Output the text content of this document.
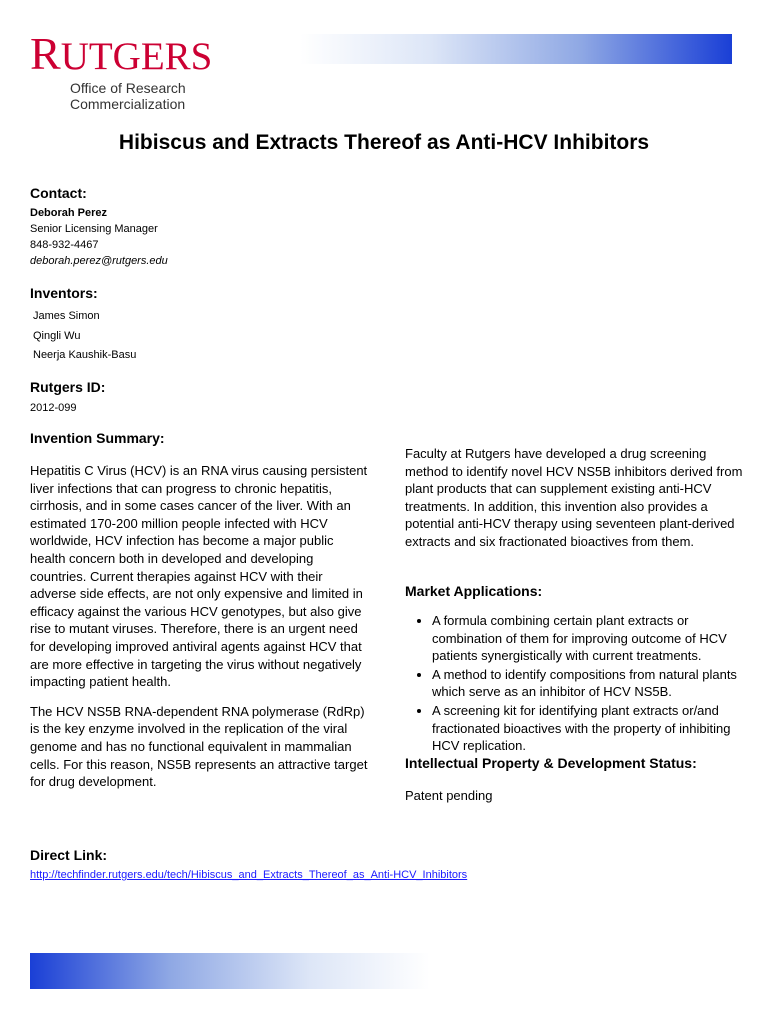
RUTGERS
Office of Research
Commercialization
Hibiscus and Extracts Thereof as Anti-HCV Inhibitors
Contact:
Deborah Perez
Senior Licensing Manager
848-932-4467
deborah.perez@rutgers.edu
Inventors:
James Simon
Qingli Wu
Neerja Kaushik-Basu
Rutgers ID:
2012-099
Invention Summary:

Hepatitis C Virus (HCV) is an RNA virus causing persistent liver infections that can progress to chronic hepatitis, cirrhosis, and in some cases cancer of the liver. With an estimated 170-200 million people infected with HCV worldwide, HCV infection has become a major public health concern both in developed and developing countries. Current therapies against HCV with their adverse side effects, are not only expensive and limited in efficacy against the various HCV genotypes, but also give rise to mutant viruses. Therefore, there is an urgent need for developing improved antiviral agents against HCV that are more effective in targeting the virus without negatively impacting patient health.

The HCV NS5B RNA-dependent RNA polymerase (RdRp) is the key enzyme involved in the replication of the viral genome and has no functional equivalent in mammalian cells. For this reason, NS5B represents an attractive target for drug development.

Faculty at Rutgers have developed a drug screening method to identify novel HCV NS5B inhibitors derived from plant products that can supplement existing anti-HCV treatments. In addition, this invention also provides a potential anti-HCV therapy using seventeen plant-derived extracts and six fractionated bioactives from them.
Market Applications:
• A formula combining certain plant extracts or combination of them for improving outcome of HCV patients synergistically with current treatments.
• A method to identify compositions from natural plants which serve as an inhibitor of HCV NS5B.
• A screening kit for identifying plant extracts or/and fractionated bioactives with the property of inhibiting HCV replication.
Intellectual Property & Development Status:
Patent pending
Direct Link:
http://techfinder.rutgers.edu/tech/Hibiscus_and_Extracts_Thereof_as_Anti-HCV_Inhibitors
